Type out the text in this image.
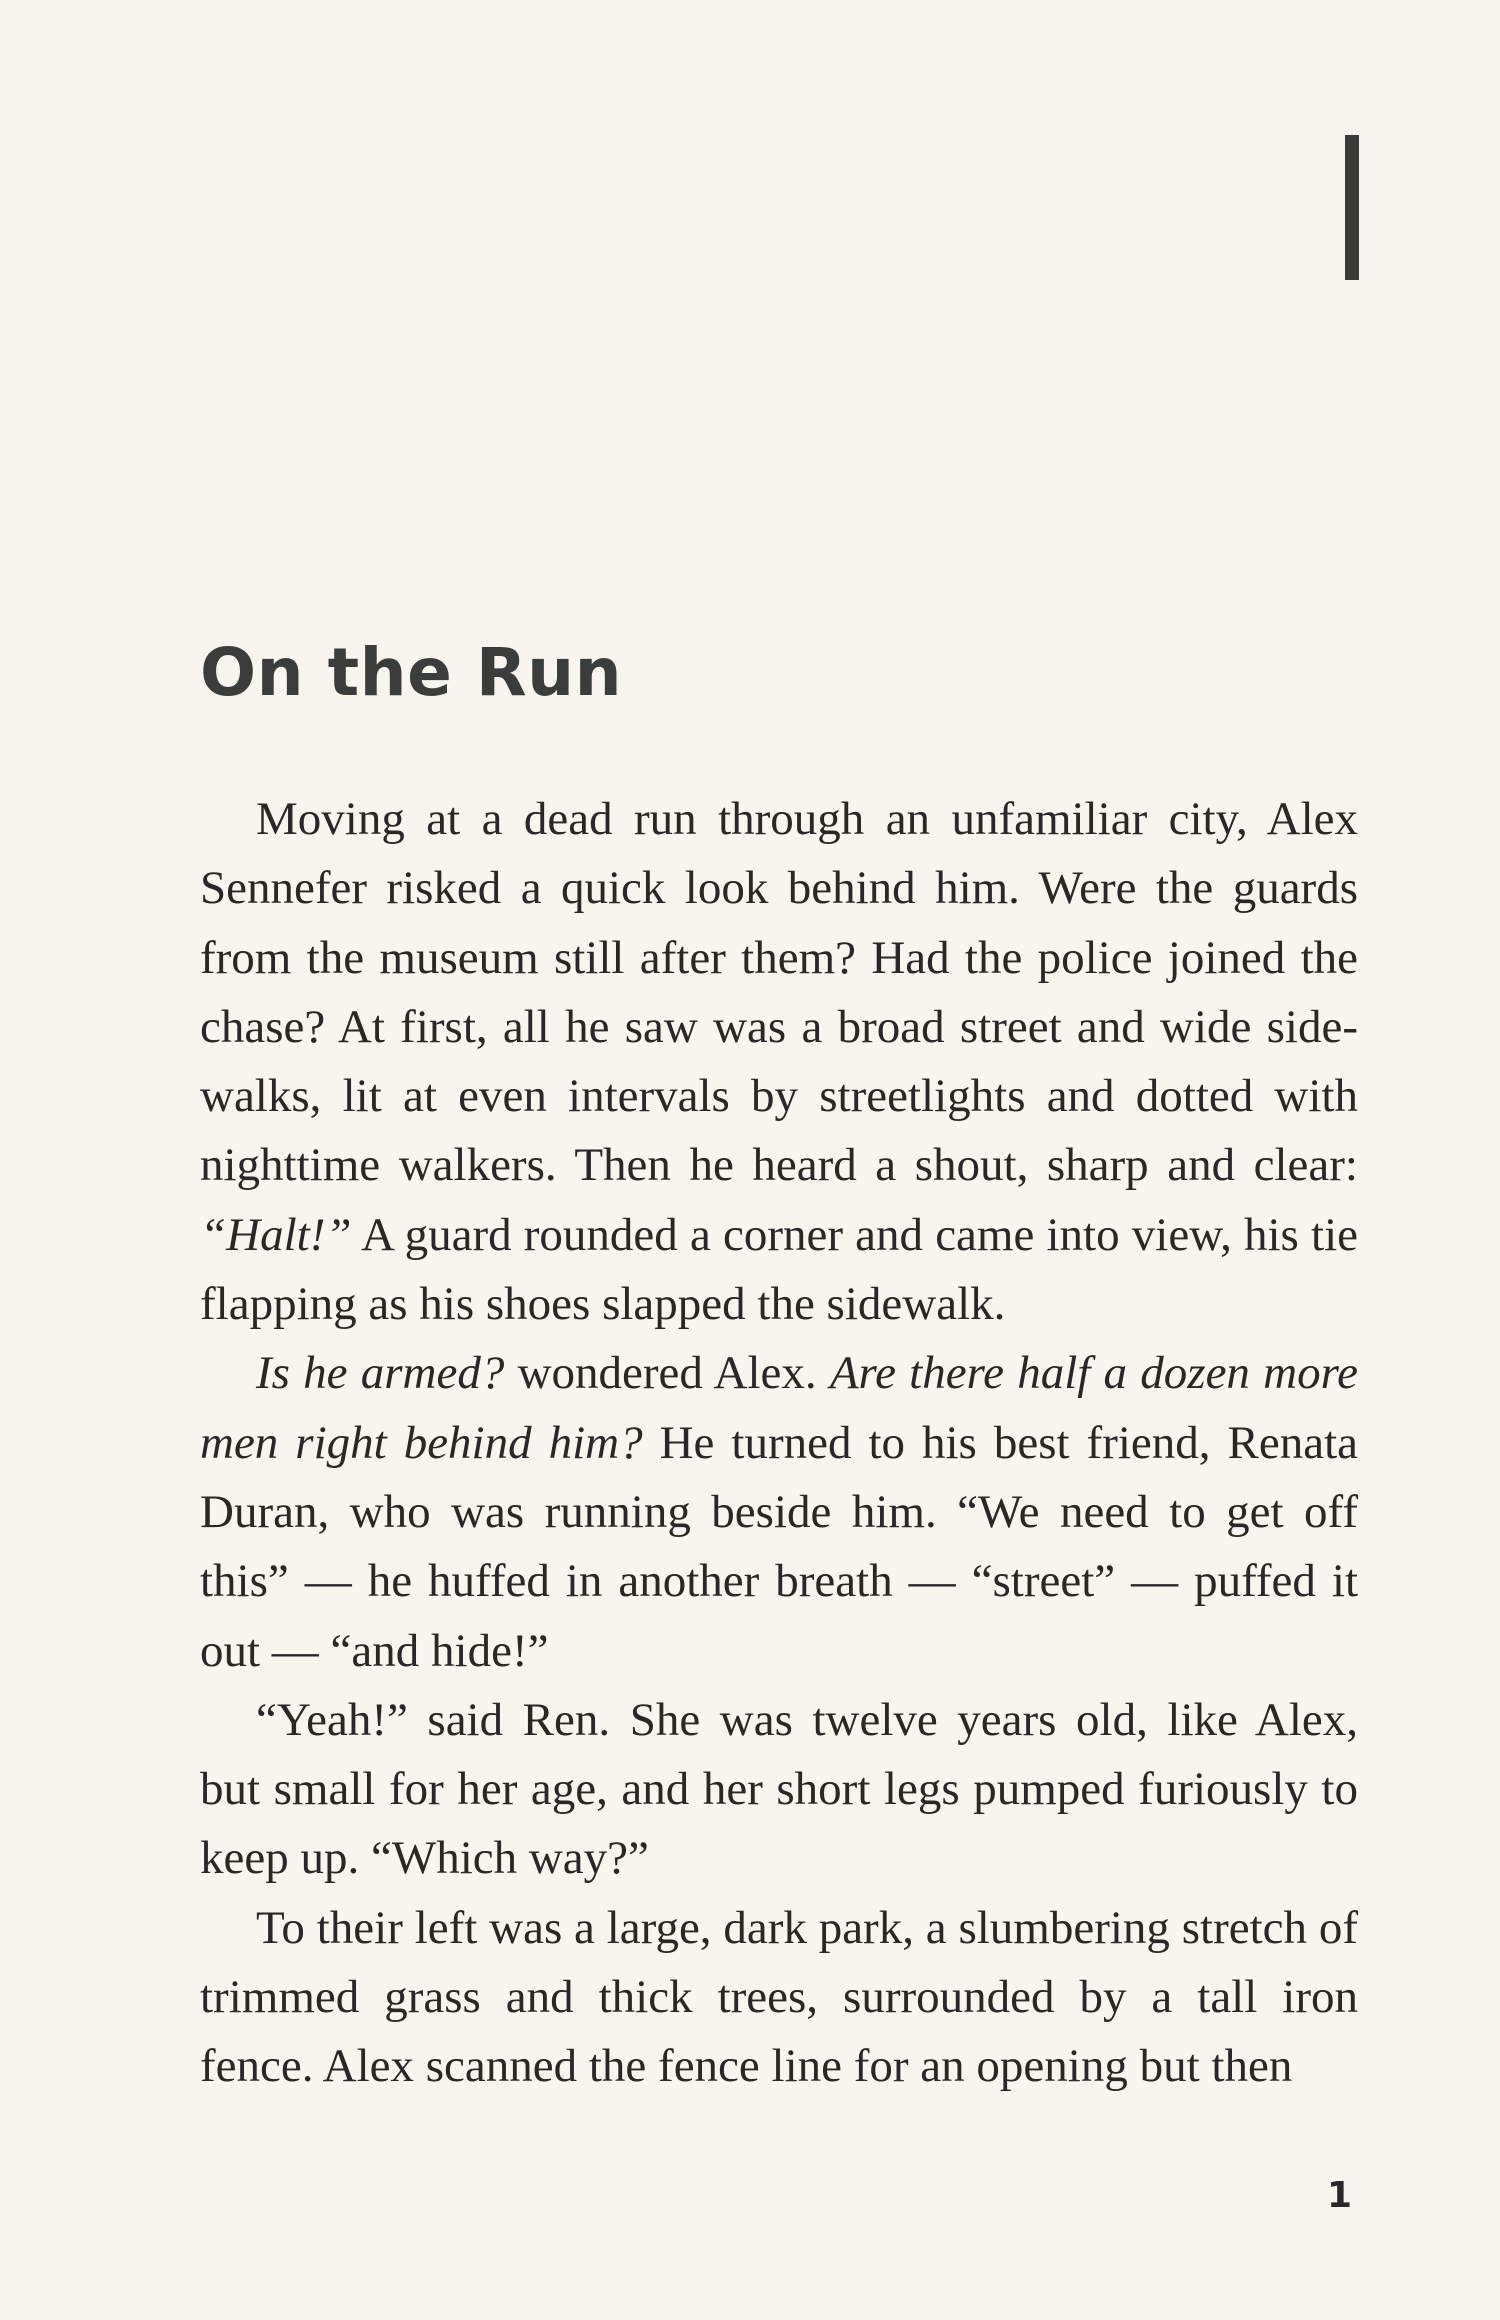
On the Run

Moving at a dead run through an unfamiliar city, Alex Sennefer risked a quick look behind him. Were the guards from the museum still after them? Had the police joined the chase? At first, all he saw was a broad street and wide side-walks, lit at even intervals by streetlights and dotted with nighttime walkers. Then he heard a shout, sharp and clear: “Halt!” A guard rounded a corner and came into view, his tie flapping as his shoes slapped the sidewalk.

Is he armed? wondered Alex. Are there half a dozen more men right behind him? He turned to his best friend, Renata Duran, who was running beside him. “We need to get off this” — he huffed in another breath — “street” — puffed it out — “and hide!”

“Yeah!” said Ren. She was twelve years old, like Alex, but small for her age, and her short legs pumped furiously to keep up. “Which way?”

To their left was a large, dark park, a slumbering stretch of trimmed grass and thick trees, surrounded by a tall iron fence. Alex scanned the fence line for an opening but then

1
